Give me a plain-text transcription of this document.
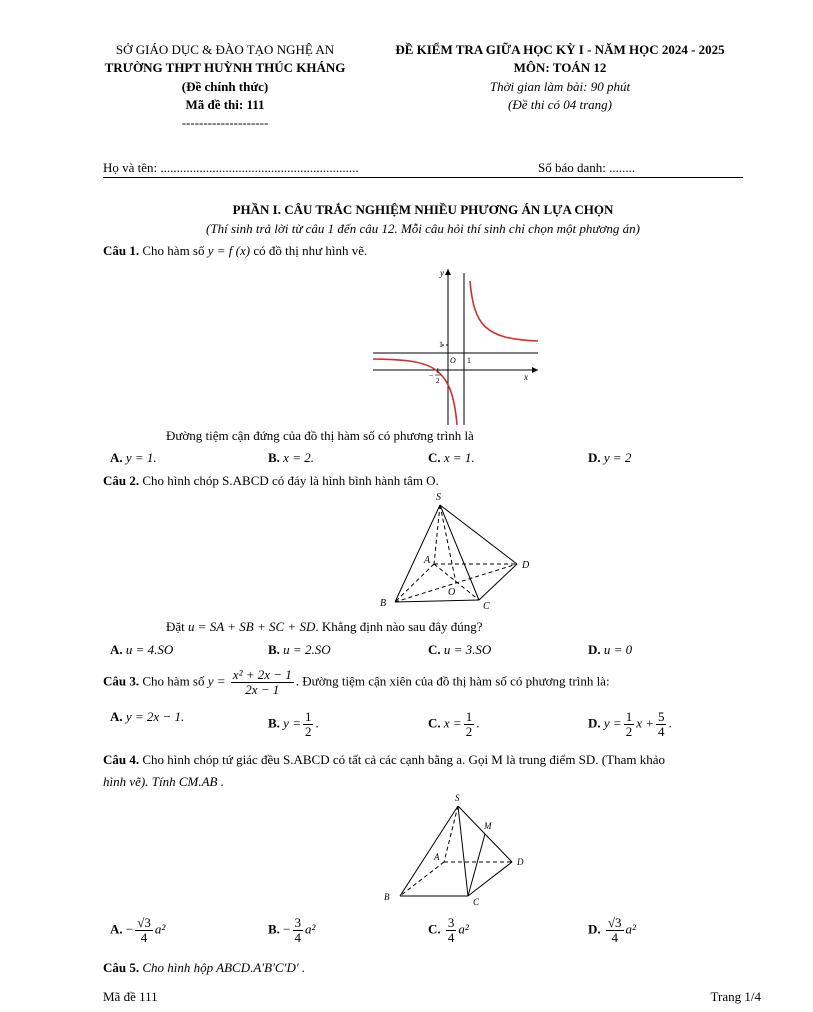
SỞ GIÁO DỤC & ĐÀO TẠO NGHỆ AN
TRƯỜNG THPT HUỲNH THÚC KHÁNG
(Đề chính thức)
Mã đề thi: 111
--------------------
ĐỀ KIỂM TRA GIỮA HỌC KỲ I - NĂM HỌC 2024 - 2025
MÔN: TOÁN 12
Thời gian làm bài: 90 phút
(Đề thi có 04 trang)
Họ và tên: .............................................................	Số báo danh: ........
PHẦN I. CÂU TRẮC NGHIỆM NHIỀU PHƯƠNG ÁN LỰA CHỌN
(Thí sinh trả lời từ câu 1 đến câu 12. Mỗi câu hỏi thí sinh chỉ chọn một phương án)
Câu 1. Cho hàm số y = f (x) có đồ thị như hình vẽ.
y
x
O 1
1
− 1
2
Đường tiệm cận đứng của đồ thị hàm số có phương trình là
A. y = 1.	B. x = 2.	C. x = 1.	D. y = 2
Câu 2. Cho hình chóp S.ABCD có đáy là hình bình hành tâm O.
S
A
B	C
D
O
Đặt u = SA + SB + SC + SD. Khẳng định nào sau đây đúng?
A. u = 4.SO	B. u = 2.SO	C. u = 3.SO	D. u = 0
Câu 3. Cho hàm số $y = \frac{\text{x² + 2x − 1}}{2x - 1}$ . Đường tiệm cận xiên của đồ thị hàm số có phương trình là:
A. y = 2x − 1.	B. $y = \frac{1}{2}$ .	C. $x = \frac{1}{2}$ .	D. $y = \frac{1}{2}$ $x + \frac{5}{4}$ .
Câu 4. Cho hình chóp tứ giác đều S.ABCD có tất cả các cạnh bằng a. Gọi M là trung điểm SD. (Tham khảo
hình vẽ). Tính CM.AB .
S
M
A
B	C
D
A. − $\frac{√3}{4} a^2$	B. − $\frac{3}{4} a^2$	C. $\frac{3}{4} a^2$	D. $\frac{√3}{4} a^2$
Câu 5. Cho hình hộp ABCD.A′B′C′D′ .
Mã đề 111	Trang 1/4
